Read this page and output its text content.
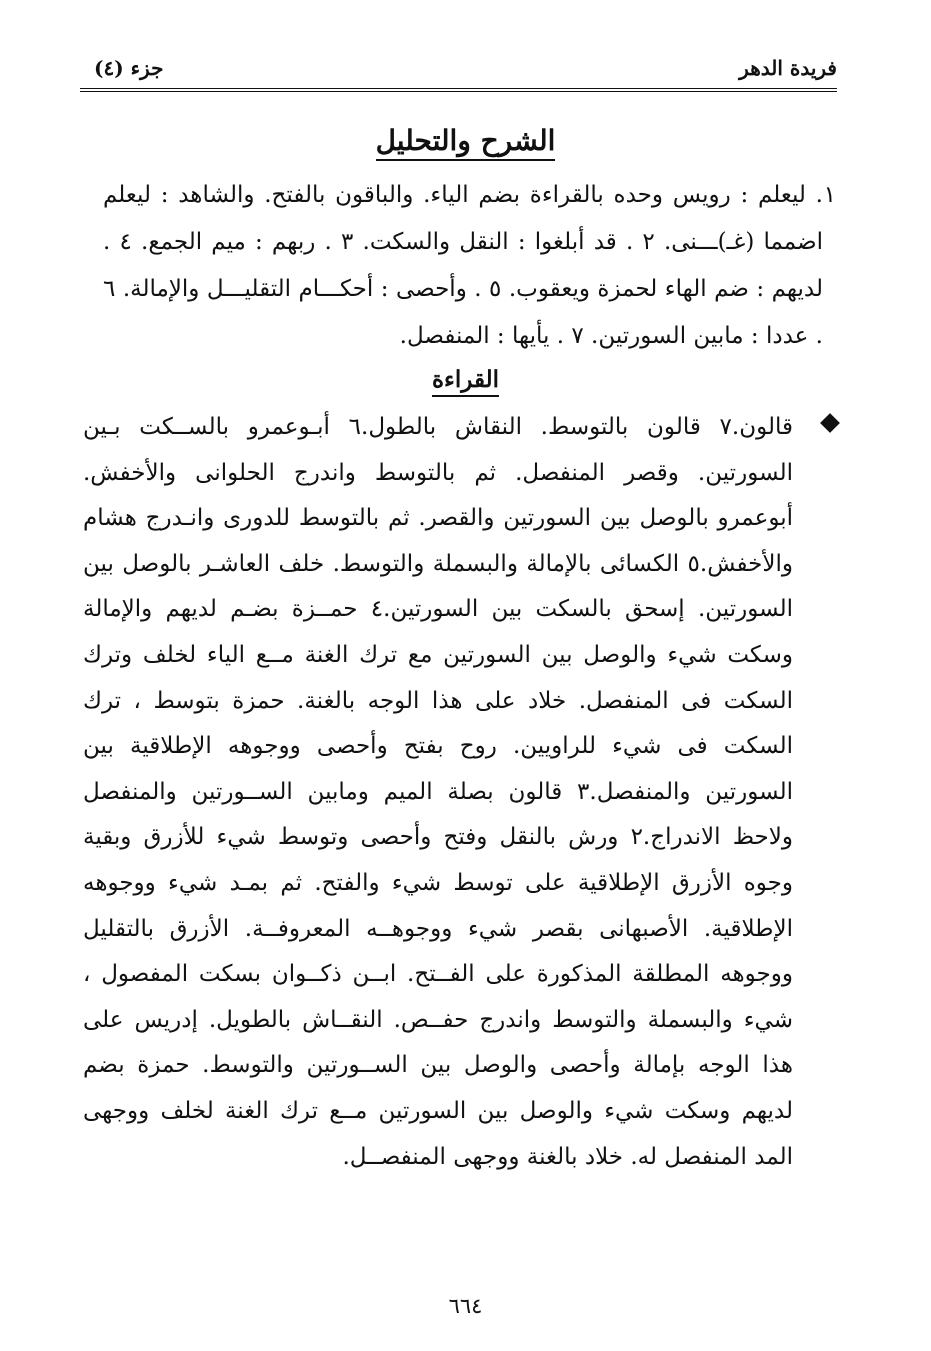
فريدة الدهر
جزء (٤)
الشرح والتحليل
١

. ليعلم : رويس وحده بالقراءة بضم الياء. والباقون بالفتح. والشاهد : ليعلم اضمما (غـ)ـــنى. ٢ . قد أبلغوا : النقل والسكت. ٣ . ربهم : ميم الجمع. ٤ . لديهم : ضم الهاء لحمزة ويعقوب. ٥ . وأحصى : أحكـــام التقليـــل والإمالة. ٦ . عددا : مابين السورتين. ٧ . يأيها : المنفصل.

القراءة

قالون.٧ قالون بالتوسط. النقاش بالطول.٦ أبـوعمرو بالســكت بـين السورتين. وقصر المنفصل. ثم بالتوسط واندرج الحلوانى والأخفش. أبوعمرو بالوصل بين السورتين والقصر. ثم بالتوسط للدورى وانـدرج هشام والأخفش.٥ الكسائى بالإمالة والبسملة والتوسط. خلف العاشـر بالوصل بين السورتين. إسحق بالسكت بين السورتين.٤ حمــزة بضـم لديهم والإمالة وسكت شيء والوصل بين السورتين مع ترك الغنة مــع الياء لخلف وترك السكت فى المنفصل. خلاد على هذا الوجه بالغنة. حمزة بتوسط ، ترك السكت فى شيء للراويين. روح بفتح وأحصى ووجوهه الإطلاقية بين السورتين والمنفصل.٣ قالون بصلة الميم ومابين الســورتين والمنفصل ولاحظ الاندراج.٢ ورش بالنقل وفتح وأحصى وتوسط شيء للأزرق وبقية وجوه الأزرق الإطلاقية على توسط شيء والفتح. ثم بمـد شيء ووجوهه الإطلاقية. الأصبهانى بقصر شيء ووجوهــه المعروفــة. الأزرق بالتقليل ووجوهه المطلقة المذكورة على الفــتح. ابــن ذكــوان بسكت المفصول ، شيء والبسملة والتوسط واندرج حفــص. النقــاش بالطويل. إدريس على هذا الوجه بإمالة وأحصى والوصل بين الســورتين والتوسط. حمزة بضم لديهم وسكت شيء والوصل بين السورتين مــع ترك الغنة لخلف ووجهى المد المنفصل له. خلاد بالغنة ووجهى المنفصــل.

٦٦٤
